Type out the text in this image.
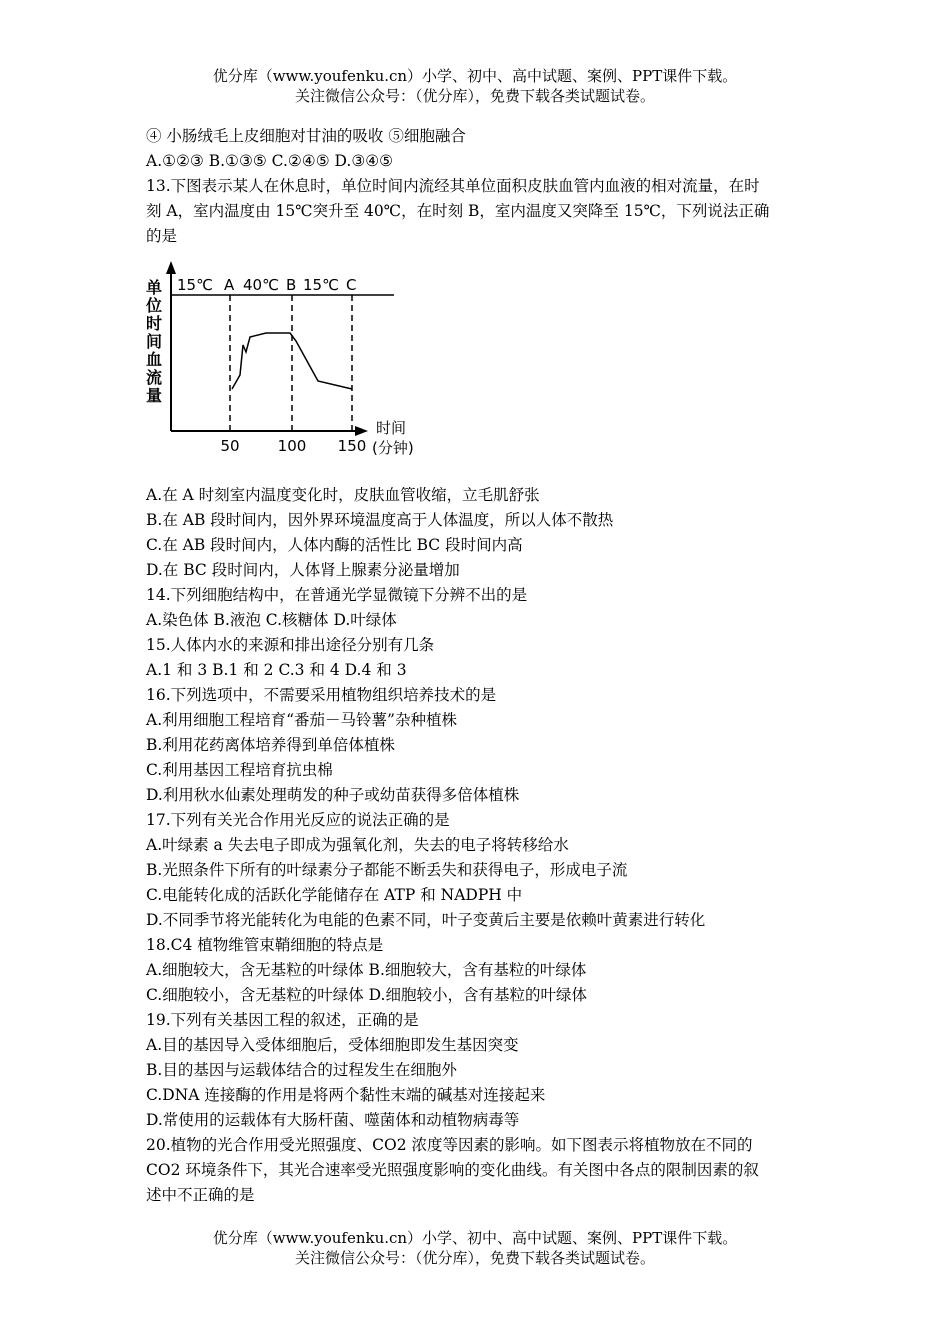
优分库（www.youfenku.cn）小学、初中、高中试题、案例、PPT课件下载。
关注微信公众号：（优分库），免费下载各类试题试卷。
④ 小肠绒毛上皮细胞对甘油的吸收 ⑤细胞融合
A.①②③ B.①③⑤ C.②④⑤ D.③④⑤
13.下图表示某人在休息时，单位时间内流经其单位面积皮肤血管内血液的相对流量，在时
刻 A，室内温度由 15℃突升至 40℃，在时刻 B，室内温度又突降至 15℃，下列说法正确
的是
单
位
时
间
血
流
量
15℃ A 40℃ B 15℃ C
50	100 150
时间
(分钟)
A.在 A 时刻室内温度变化时，皮肤血管收缩，立毛肌舒张
B.在 AB 段时间内，因外界环境温度高于人体温度，所以人体不散热
C.在 AB 段时间内，人体内酶的活性比 BC 段时间内高
D.在 BC 段时间内，人体肾上腺素分泌量增加
14.下列细胞结构中，在普通光学显微镜下分辨不出的是
A.染色体 B.液泡 C.核糖体 D.叶绿体
15.人体内水的来源和排出途径分别有几条
A.1 和 3 B.1 和 2 C.3 和 4 D.4 和 3
16.下列选项中，不需要采用植物组织培养技术的是
A.利用细胞工程培育“番茄－马铃薯”杂种植株
B.利用花药离体培养得到单倍体植株
C.利用基因工程培育抗虫棉
D.利用秋水仙素处理萌发的种子或幼苗获得多倍体植株
17.下列有关光合作用光反应的说法正确的是
A.叶绿素 a 失去电子即成为强氧化剂，失去的电子将转移给水
B.光照条件下所有的叶绿素分子都能不断丢失和获得电子，形成电子流
C.电能转化成的活跃化学能储存在 ATP 和 NADPH 中
D.不同季节将光能转化为电能的色素不同，叶子变黄后主要是依赖叶黄素进行转化
18.C4 植物维管束鞘细胞的特点是
A.细胞较大，含无基粒的叶绿体 B.细胞较大，含有基粒的叶绿体
C.细胞较小，含无基粒的叶绿体 D.细胞较小，含有基粒的叶绿体
19.下列有关基因工程的叙述，正确的是
A.目的基因导入受体细胞后，受体细胞即发生基因突变
B.目的基因与运载体结合的过程发生在细胞外
C.DNA 连接酶的作用是将两个黏性末端的碱基对连接起来
D.常使用的运载体有大肠杆菌、噬菌体和动植物病毒等
20.植物的光合作用受光照强度、CO2 浓度等因素的影响。如下图表示将植物放在不同的
CO2 环境条件下，其光合速率受光照强度影响的变化曲线。有关图中各点的限制因素的叙
述中不正确的是
优分库（www.youfenku.cn）小学、初中、高中试题、案例、PPT课件下载。
关注微信公众号：（优分库），免费下载各类试题试卷。
